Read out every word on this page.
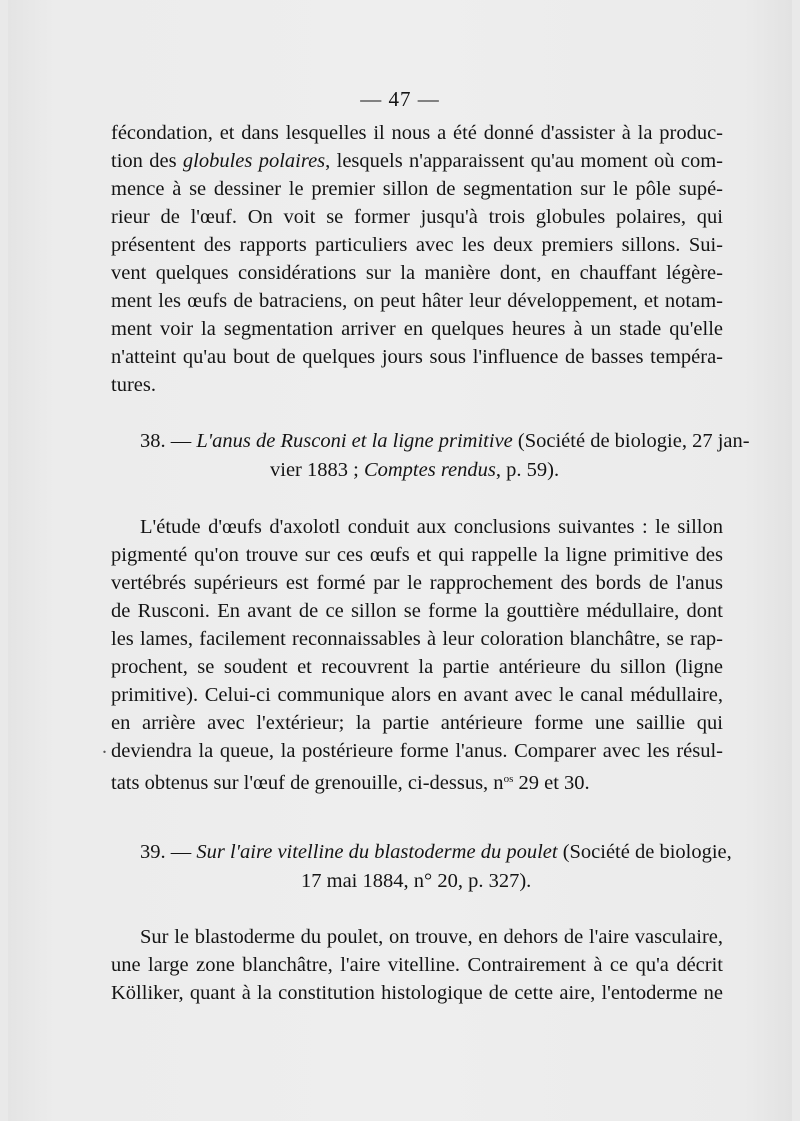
— 47 —

fécondation, et dans lesquelles il nous a été donné d'assister à la produc-

tion des globules polaires, lesquels n'apparaissent qu'au moment où com-

mence à se dessiner le premier sillon de segmentation sur le pôle supé-

rieur de l'œuf. On voit se former jusqu'à trois globules polaires, qui

présentent des rapports particuliers avec les deux premiers sillons. Sui-

vent quelques considérations sur la manière dont, en chauffant légère-

ment les œufs de batraciens, on peut hâter leur développement, et notam-

ment voir la segmentation arriver en quelques heures à un stade qu'elle

n'atteint qu'au bout de quelques jours sous l'influence de basses tempéra-

tures.

38. — L'anus de Rusconi et la ligne primitive (Société de biologie, 27 jan-

vier 1883 ; Comptes rendus, p. 59).

L'étude d'œufs d'axolotl conduit aux conclusions suivantes : le sillon

pigmenté qu'on trouve sur ces œufs et qui rappelle la ligne primitive des

vertébrés supérieurs est formé par le rapprochement des bords de l'anus

de Rusconi. En avant de ce sillon se forme la gouttière médullaire, dont

les lames, facilement reconnaissables à leur coloration blanchâtre, se rap-

prochent, se soudent et recouvrent la partie antérieure du sillon (ligne

primitive). Celui-ci communique alors en avant avec le canal médullaire,

en arrière avec l'extérieur; la partie antérieure forme une saillie qui

. deviendra la queue, la postérieure forme l'anus. Comparer avec les résul-

tats obtenus sur l'œuf de grenouille, ci-dessus, $n^{os}$ 29 et 30.

39. — Sur l'aire vitelline du blastoderme du poulet (Société de biologie,

17 mai 1884, n° 20, p. 327).

Sur le blastoderme du poulet, on trouve, en dehors de l'aire vasculaire,

une large zone blanchâtre, l'aire vitelline. Contrairement à ce qu'a décrit

Kölliker, quant à la constitution histologique de cette aire, l'entoderme ne
